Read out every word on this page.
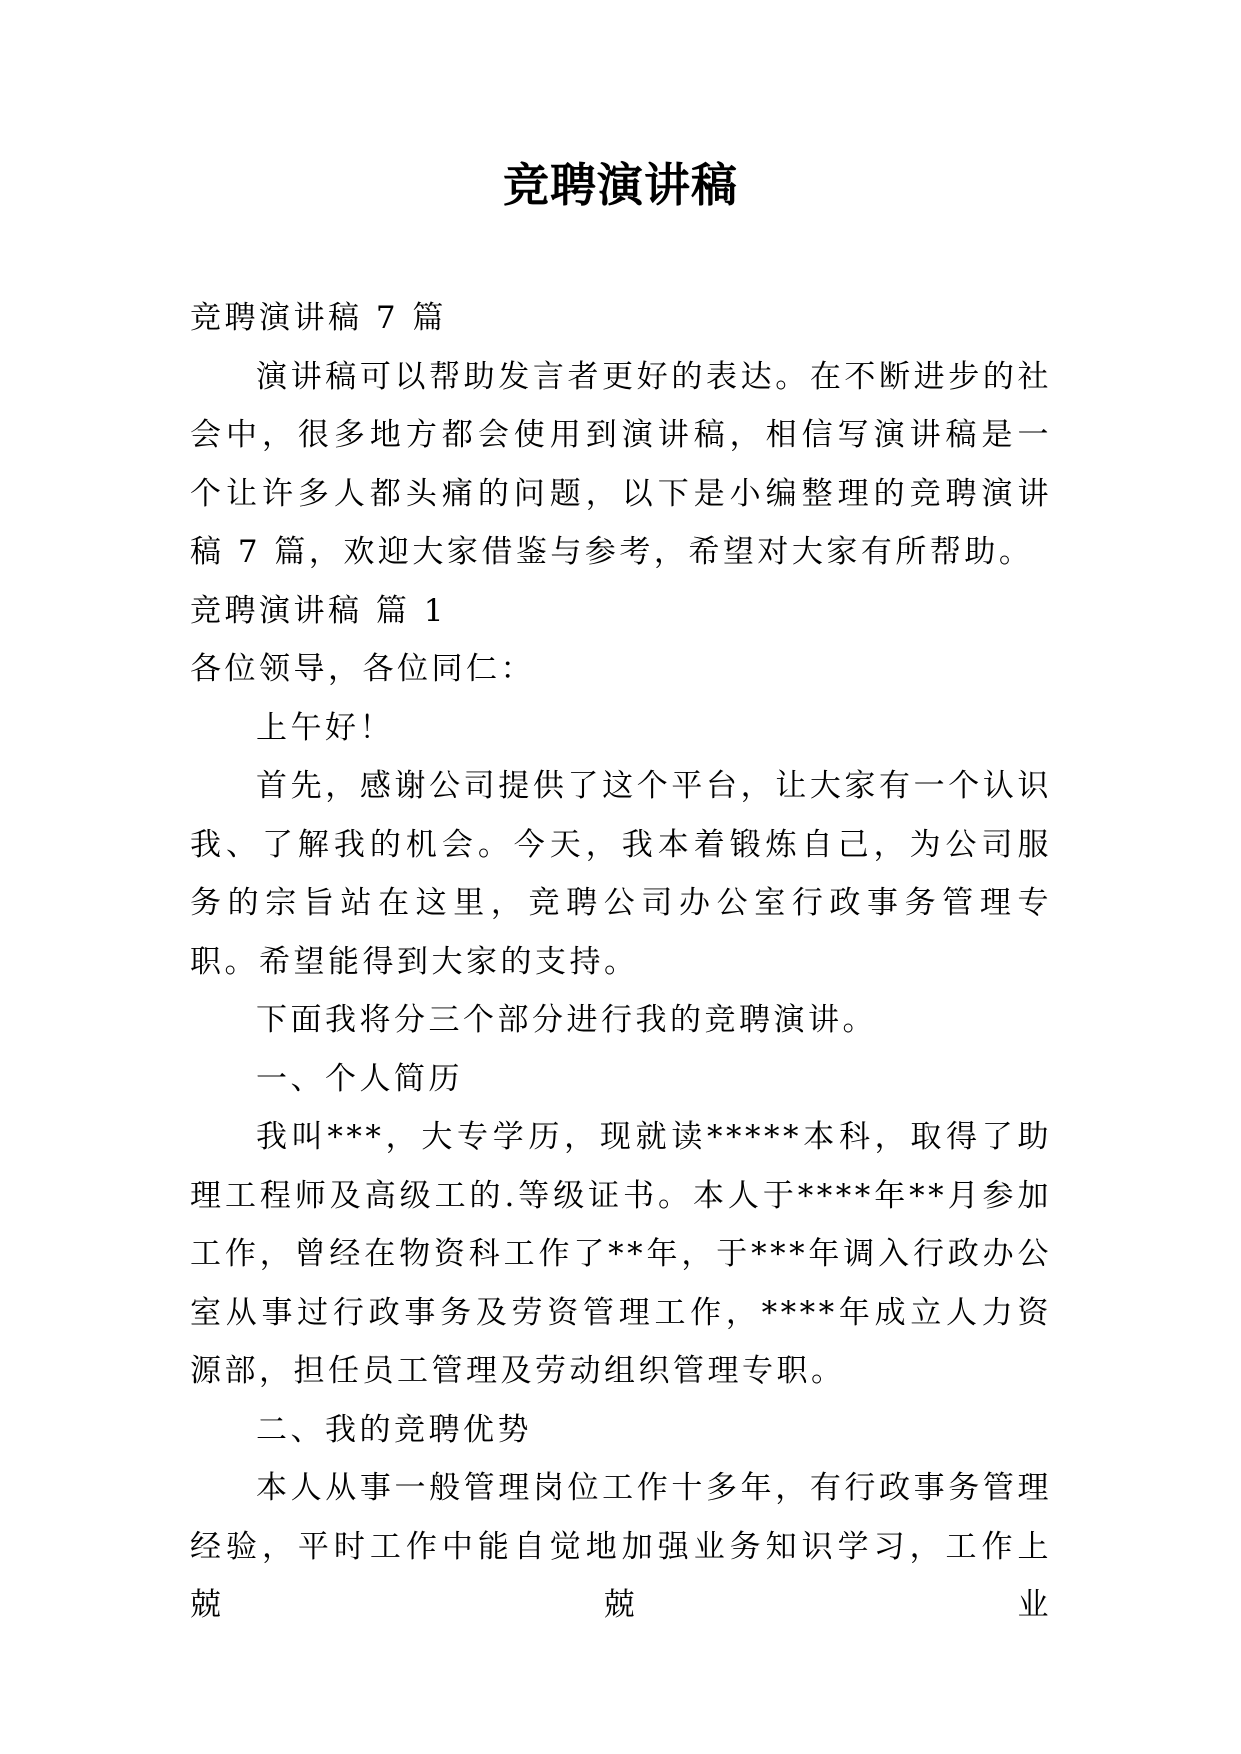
竞聘演讲稿

竞聘演讲稿 7 篇

演讲稿可以帮助发言者更好的表达。在不断进步的社会中，很多地方都会使用到演讲稿，相信写演讲稿是一个让许多人都头痛的问题，以下是小编整理的竞聘演讲稿 7 篇，欢迎大家借鉴与参考，希望对大家有所帮助。

竞聘演讲稿 篇 1

各位领导，各位同仁：

上午好！

首先，感谢公司提供了这个平台，让大家有一个认识我、了解我的机会。今天，我本着锻炼自己，为公司服务的宗旨站在这里，竞聘公司办公室行政事务管理专职。希望能得到大家的支持。

下面我将分三个部分进行我的竞聘演讲。

一、个人简历

我叫***，大专学历，现就读*****本科，取得了助理工程师及高级工的.等级证书。本人于****年**月参加工作，曾经在物资科工作了**年，于***年调入行政办公室从事过行政事务及劳资管理工作，****年成立人力资源部，担任员工管理及劳动组织管理专职。

二、我的竞聘优势

本人从事一般管理岗位工作十多年，有行政事务管理经验，平时工作中能自觉地加强业务知识学习，工作上兢兢业
